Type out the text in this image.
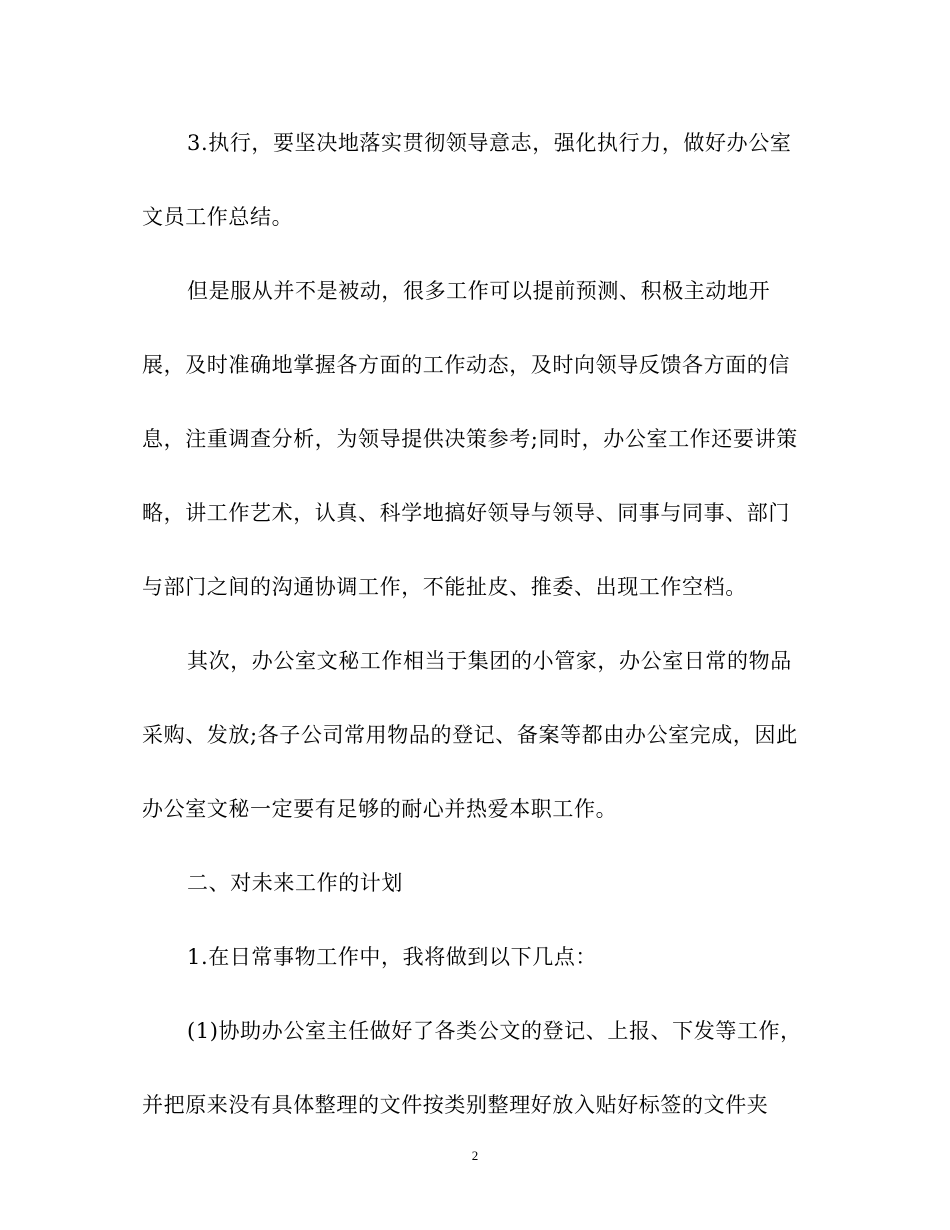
3.执行，要坚决地落实贯彻领导意志，强化执行力，做好办公室
文员工作总结。
但是服从并不是被动，很多工作可以提前预测、积极主动地开
展，及时准确地掌握各方面的工作动态，及时向领导反馈各方面的信
息，注重调查分析，为领导提供决策参考;同时，办公室工作还要讲策
略，讲工作艺术，认真、科学地搞好领导与领导、同事与同事、部门
与部门之间的沟通协调工作，不能扯皮、推委、出现工作空档。
其次，办公室文秘工作相当于集团的小管家，办公室日常的物品
采购、发放;各子公司常用物品的登记、备案等都由办公室完成，因此
办公室文秘一定要有足够的耐心并热爱本职工作。
二、对未来工作的计划
1.在日常事物工作中，我将做到以下几点：
(1)协助办公室主任做好了各类公文的登记、上报、下发等工作，
并把原来没有具体整理的文件按类别整理好放入贴好标签的文件夹
2
